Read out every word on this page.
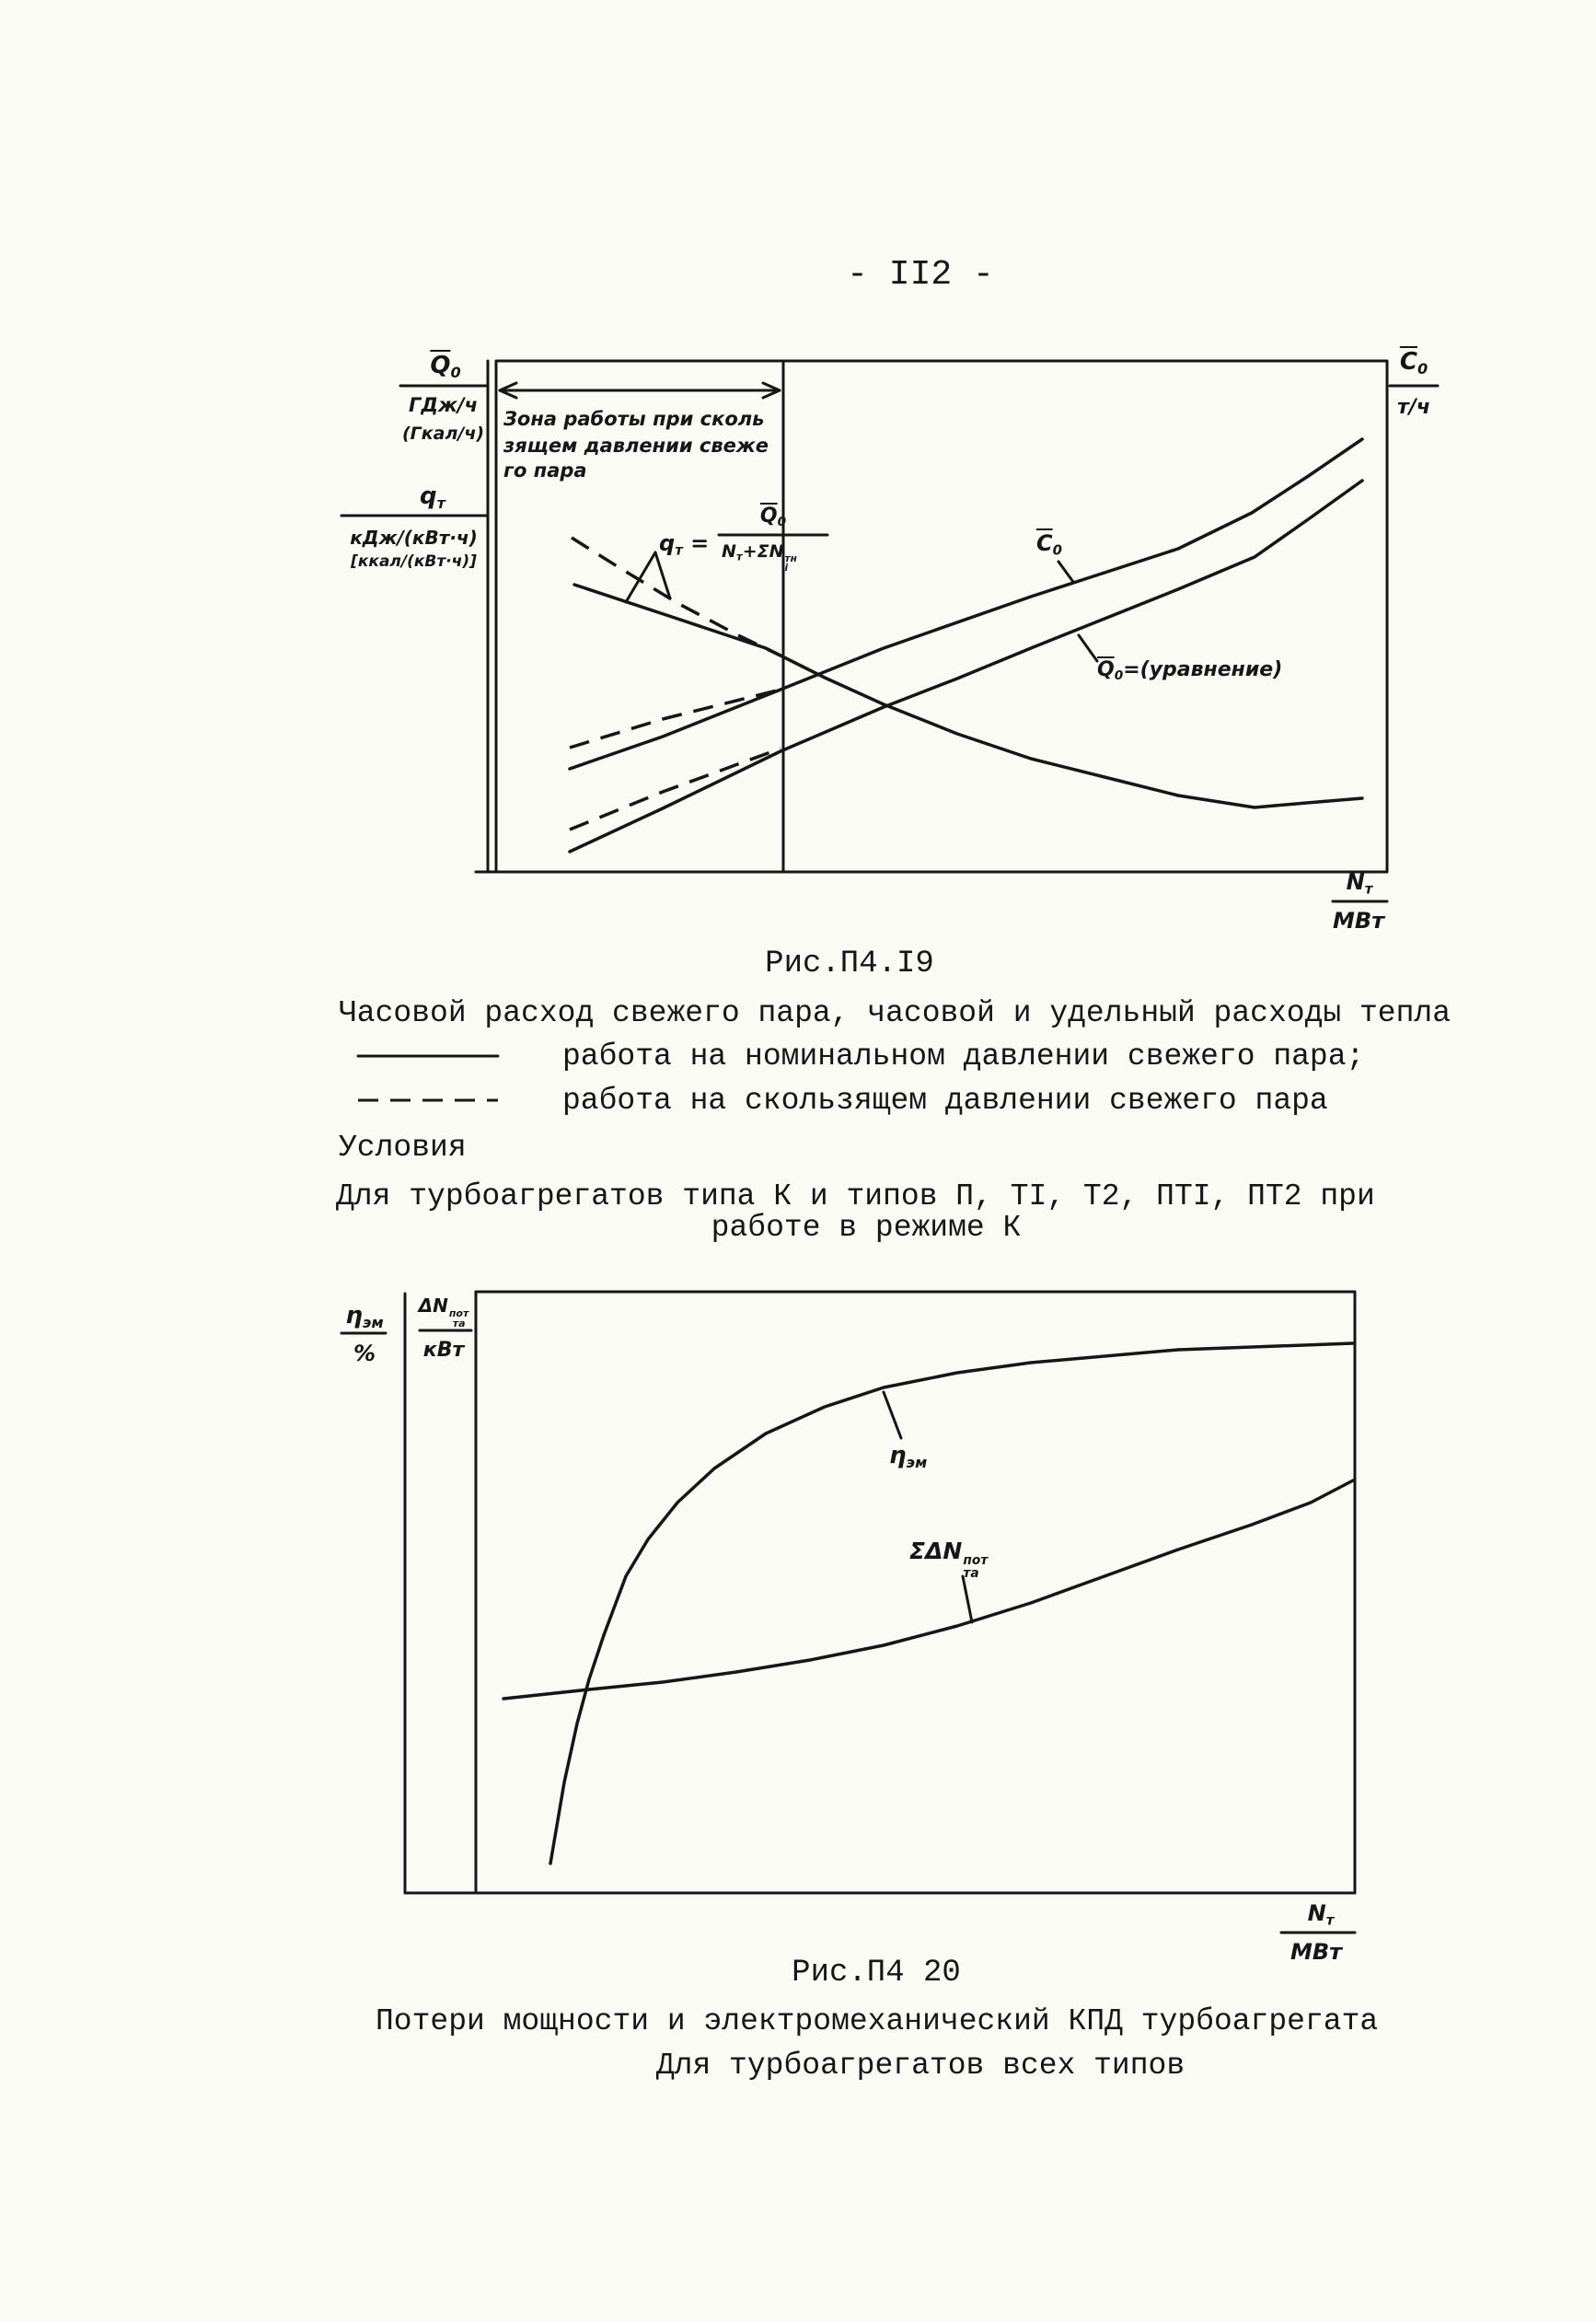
- II2 -
$\overline{Q}_0$
ГДж/ч
(Гкал/ч)
$q_т$
кДж/(кВт·ч)
[ккал/(кВт·ч)]
$\overline{C}_0$
т/ч
Зона работы при сколь
зящем давлении свеже
го пара
$q_т$ =
$\overline{Q}_0$
$N_т+\Sigma N$ тн
i
$\overline{C}_0$
$\overline{Q}_0=(уравнение)$
$N_т$
МВт
Рис.П4.I9
Часовой расход свежего пара, часовой и удельный расходы тепла
работа на номинальном давлении свежего пара;
работа на скользящем давлении свежего пара
Условия
Для турбоагрегатов типа К и типов П, ТI, Т2, ПТI, ПТ2 при
работе в режиме К
$\eta_{эм}$
%
ΔN пот
та
кВт
$\eta_{эм}$
ΣΔN пот
та
$N_т$
МВт
Рис.П4 20
Потери мощности и электромеханический КПД турбоагрегата
Для турбоагрегатов всех типов
